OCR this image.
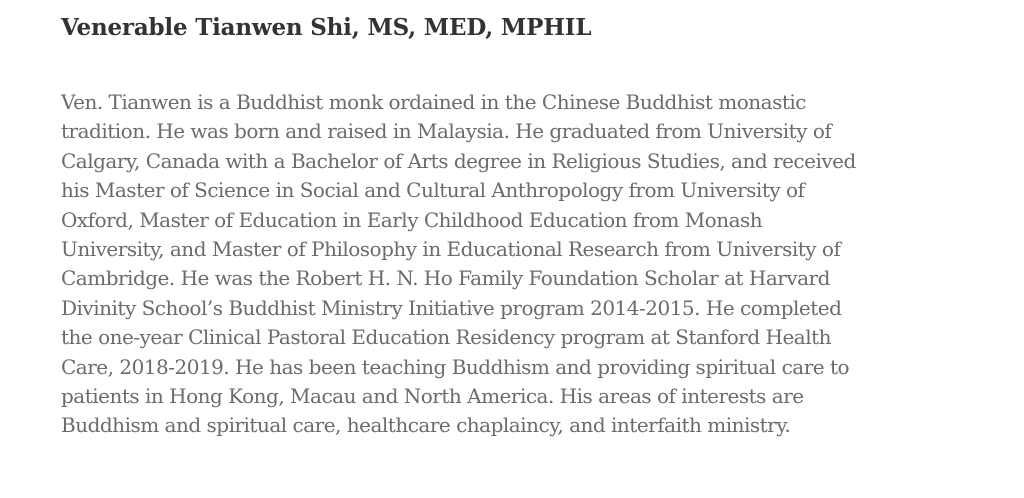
Venerable Tianwen Shi, MS, MED, MPHIL

Ven. Tianwen is a Buddhist monk ordained in the Chinese Buddhist monastic
tradition. He was born and raised in Malaysia. He graduated from University of
Calgary, Canada with a Bachelor of Arts degree in Religious Studies, and received
his Master of Science in Social and Cultural Anthropology from University of
Oxford, Master of Education in Early Childhood Education from Monash
University, and Master of Philosophy in Educational Research from University of
Cambridge. He was the Robert H. N. Ho Family Foundation Scholar at Harvard
Divinity School’s Buddhist Ministry Initiative program 2014-2015. He completed
the one-year Clinical Pastoral Education Residency program at Stanford Health
Care, 2018-2019. He has been teaching Buddhism and providing spiritual care to
patients in Hong Kong, Macau and North America. His areas of interests are
Buddhism and spiritual care, healthcare chaplaincy, and interfaith ministry.
